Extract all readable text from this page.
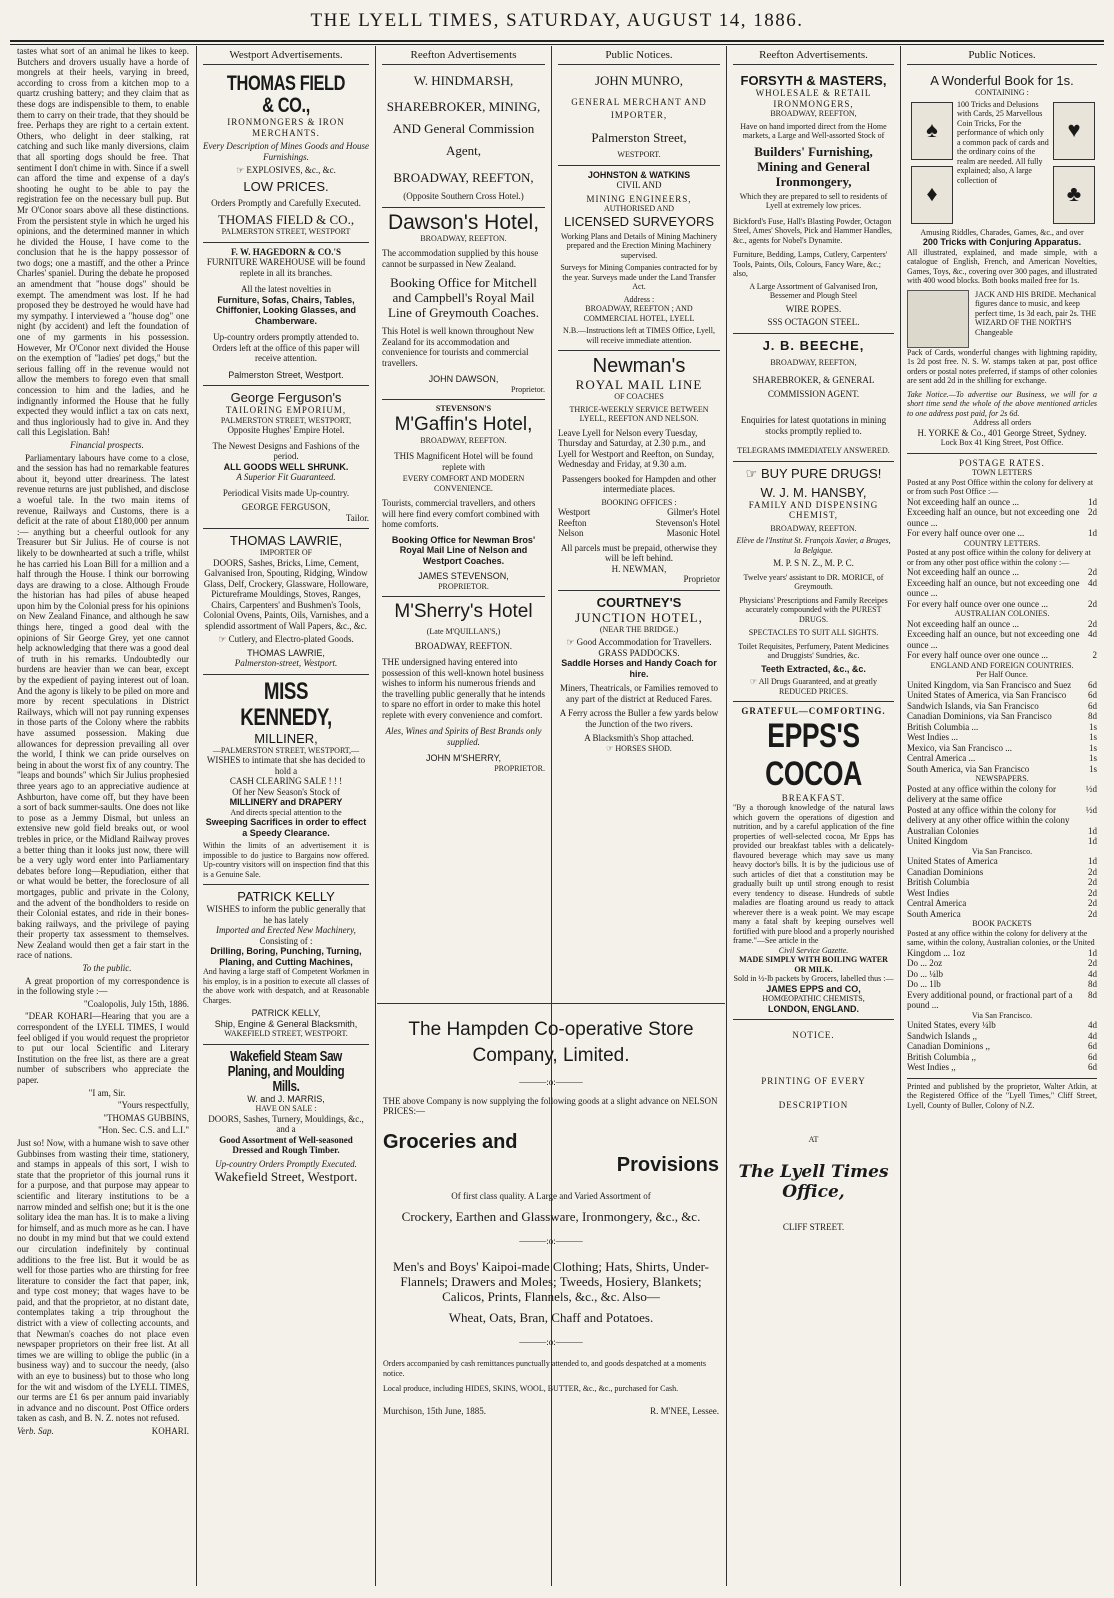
THE LYELL TIMES, SATURDAY, AUGUST 14, 1886.

tastes what sort of an animal he likes to keep. Butchers and drovers usually have a horde of mongrels at their heels, varying in breed, according to cross from a kitchen mop to a quartz crushing battery; and they claim that as these dogs are indispensible to them, to enable them to carry on their trade, that they should be free. Perhaps they are right to a certain extent. Others, who delight in deer stalking, rat catching and such like manly diversions, claim that all sporting dogs should be free. That sentiment I don't chime in with. Since if a swell can afford the time and expense of a day's shooting he ought to be able to pay the registration fee on the necessary bull pup. But Mr O'Conor soars above all these distinctions. From the persistent style in which he urged his opinions, and the determined manner in which he divided the House, I have come to the conclusion that he is the happy possessor of two dogs; one a mastiff, and the other a Prince Charles' spaniel. During the debate he proposed an amendment that "house dogs" should be exempt. The amendment was lost. If he had proposed they be destroyed he would have had my sympathy. I interviewed a "house dog" one night (by accident) and left the foundation of one of my garments in his possession. However, Mr O'Conor next divided the House on the exemption of "ladies' pet dogs," but the serious falling off in the revenue would not allow the members to forego even that small concession to him and the ladies, and he indignantly informed the House that he fully expected they would inflict a tax on cats next, and thus ingloriously had to give in. And they call this Legislation. Bah!

Financial prospects.

Parliamentary labours have come to a close, and the session has had no remarkable features about it, beyond utter dreariness. The latest revenue returns are just published, and disclose a woeful tale. In the two main items of revenue, Railways and Customs, there is a deficit at the rate of about £180,000 per annum :— anything but a cheerful outlook for any Treasurer but Sir Julius. He of course is not likely to be downhearted at such a trifle, whilst he has carried his Loan Bill for a million and a half through the House. I think our borrowing days are drawing to a close. Although Froude the historian has had piles of abuse heaped upon him by the Colonial press for his opinions on New Zealand Finance, and although he saw things here, tinged a good deal with the opinions of Sir George Grey, yet one cannot help acknowledging that there was a good deal of truth in his remarks. Undoubtedly our burdens are heavier than we can bear, except by the expedient of paying interest out of loan. And the agony is likely to be piled on more and more by recent speculations in District Railways, which will not pay running expenses in those parts of the Colony where the rabbits have assumed possession. Making due allowances for depression prevailing all over the world, I think we can pride ourselves on being in about the worst fix of any country. The "leaps and bounds" which Sir Julius prophesied three years ago to an appreciative audience at Ashburton, have come off, but they have been a sort of back summer-saults. One does not like to pose as a Jemmy Dismal, but unless an extensive new gold field breaks out, or wool trebles in price, or the Midland Railway proves a better thing than it looks just now, there will be a very ugly word enter into Parliamentary debates before long—Repudiation, either that or what would be better, the foreclosure of all mortgages, public and private in the Colony, and the advent of the bondholders to reside on their Colonial estates, and ride in their bones-baking railways, and the privilege of paying their property tax assessment to themselves. New Zealand would then get a fair start in the race of nations.

To the public.

A great proportion of my correspondence is in the following style :—

"Coalopolis, July 15th, 1886.

"DEAR KOHARI—Hearing that you are a correspondent of the LYELL TIMES, I would feel obliged if you would request the proprietor to put our local Scientific and Literary Institution on the free list, as there are a great number of subscribers who appreciate the paper.

"I am, Sir.

"Yours respectfully,

"THOMAS GUBBINS,

"Hon. Sec. C.S. and L.I."

Just so! Now, with a humane wish to save other Gubbinses from wasting their time, stationery, and stamps in appeals of this sort, I wish to state that the proprietor of this journal runs it for a purpose, and that purpose may appear to scientific and literary institutions to be a narrow minded and selfish one; but it is the one solitary idea the man has. It is to make a living for himself, and as much more as he can. I have no doubt in my mind but that we could extend our circulation indefinitely by continual additions to the free list. But it would be as well for those parties who are thirsting for free literature to consider the fact that paper, ink, and type cost money; that wages have to be paid, and that the proprietor, at no distant date, contemplates taking a trip throughout the district with a view of collecting accounts, and that Newman's coaches do not place even newspaper proprietors on their free list. At all times we are willing to oblige the public (in a business way) and to succour the needy, (also with an eye to business) but to those who long for the wit and wisdom of the LYELL TIMES, our terms are £1 6s per annum paid invariably in advance and no discount. Post Office orders taken as cash, and B. N. Z. notes not refused.

Verb. Sap.	KOHARI.
Westport Advertisements.
THOMAS FIELD & CO.,
IRONMONGERS & IRON MERCHANTS.
Every Description of Mines Goods and House Furnishings.
☞ EXPLOSIVES, &c., &c.
LOW PRICES.
Orders Promptly and Carefully Executed.
THOMAS FIELD & CO.,
PALMERSTON STREET, WESTPORT
F. W. HAGEDORN & CO.'S
FURNITURE WAREHOUSE will be found replete in all its branches.
All the latest novelties in
Furniture, Sofas, Chairs, Tables, Chiffonier, Looking Glasses, and Chamberware.
Up-country orders promptly attended to. Orders left at the office of this paper will receive attention.
Palmerston Street, Westport.
George Ferguson's
TAILORING EMPORIUM,
PALMERSTON STREET, WESTPORT,
Opposite Hughes' Empire Hotel.
The Newest Designs and Fashions of the period.
ALL GOODS WELL SHRUNK.
A Superior Fit Guaranteed.
Periodical Visits made Up-country.
GEORGE FERGUSON,
Tailor.
THOMAS LAWRIE,
IMPORTER OF
DOORS, Sashes, Bricks, Lime, Cement, Galvanised Iron, Spouting, Ridging, Window Glass, Delf, Crockery, Glassware, Holloware, Pictureframe Mouldings, Stoves, Ranges, Chairs, Carpenters' and Bushmen's Tools, Colonial Ovens, Paints, Oils, Varnishes, and a splendid assortment of Wall Papers, &c., &c.
☞ Cutlery, and Electro-plated Goods.
THOMAS LAWRIE,
Palmerston-street, Westport.
MISS KENNEDY,
MILLINER,
—PALMERSTON STREET, WESTPORT,—
WISHES to intimate that she has decided to hold a
CASH CLEARING SALE ! ! !
Of her New Season's Stock of
MILLINERY and DRAPERY
And directs special attention to the
Sweeping Sacrifices in order to effect a Speedy Clearance.
Within the limits of an advertisement it is impossible to do justice to Bargains now offered. Up-country visitors will on inspection find that this is a Genuine Sale.
PATRICK KELLY
WISHES to inform the public generally that he has lately
Imported and Erected New Machinery,
Consisting of :
Drilling, Boring, Punching, Turning, Planing, and Cutting Machines,
And having a large staff of Competent Workmen in his employ, is in a position to execute all classes of the above work with despatch, and at Reasonable Charges.
PATRICK KELLY,
Ship, Engine & General Blacksmith,
WAKEFIELD STREET, WESTPORT.
Wakefield Steam Saw Planing, and Moulding Mills.
W. and J. MARRIS,
HAVE ON SALE :
DOORS, Sashes, Turnery, Mouldings, &c., and a
Good Assortment of Well-seasoned Dressed and Rough Timber.
Up-country Orders Promptly Executed.
Wakefield Street, Westport.
Reefton Advertisements
W. HINDMARSH,
SHAREBROKER, MINING, AND General Commission Agent,
BROADWAY, REEFTON,
(Opposite Southern Cross Hotel.)
Dawson's Hotel,
BROADWAY, REEFTON.
The accommodation supplied by this house cannot be surpassed in New Zealand.
Booking Office for Mitchell and Campbell's Royal Mail Line of Greymouth Coaches.
This Hotel is well known throughout New Zealand for its accommodation and convenience for tourists and commercial travellers.
JOHN DAWSON,
Proprietor.
STEVENSON'S
M'Gaffin's Hotel,
BROADWAY, REEFTON.
THIS Magnificent Hotel will be found replete with
EVERY COMFORT AND MODERN CONVENIENCE.
Tourists, commercial travellers, and others will here find every comfort combined with home comforts.
Booking Office for Newman Bros' Royal Mail Line of Nelson and Westport Coaches.
JAMES STEVENSON,
PROPRIETOR.
M'Sherry's Hotel
(Late M'QUILLAN'S,)
BROADWAY, REEFTON.
THE undersigned having entered into possession of this well-known hotel business wishes to inform his numerous friends and the travelling public generally that he intends to spare no effort in order to make this hotel replete with every convenience and comfort.
Ales, Wines and Spirits of Best Brands only supplied.
JOHN M'SHERRY,
PROPRIETOR.
Public Notices.
JOHN MUNRO,
GENERAL MERCHANT AND IMPORTER,
Palmerston Street,
WESTPORT.
JOHNSTON & WATKINS
CIVIL AND
MINING ENGINEERS,
AUTHORISED AND
LICENSED SURVEYORS
Working Plans and Details of Mining Machinery prepared and the Erection Mining Machinery supervised.
Surveys for Mining Companies contracted for by the year. Surveys made under the Land Transfer Act.
Address :
BROADWAY, REEFTON ; AND COMMERCIAL HOTEL, LYELL
N.B.—Instructions left at TIMES Office, Lyell, will receive immediate attention.
Newman's
ROYAL MAIL LINE
OF COACHES
THRICE-WEEKLY SERVICE BETWEEN LYELL, REEFTON AND NELSON.
Leave Lyell for Nelson every Tuesday, Thursday and Saturday, at 2.30 p.m., and Lyell for Westport and Reefton, on Sunday, Wednesday and Friday, at 9.30 a.m.
Passengers booked for Hampden and other intermediate places.
BOOKING OFFICES :
Westport	Gilmer's Hotel
Reefton	Stevenson's Hotel
Nelson	Masonic Hotel
All parcels must be prepaid, otherwise they will be left behind.
H. NEWMAN,
Proprietor
COURTNEY'S
JUNCTION HOTEL,
(NEAR THE BRIDGE.)
☞ Good Accommodation for Travellers.
GRASS PADDOCKS.
Saddle Horses and Handy Coach for hire.
Miners, Theatricals, or Families removed to any part of the district at Reduced Fares.
A Ferry across the Buller a few yards below the Junction of the two rivers.
A Blacksmith's Shop attached.
☞ HORSES SHOD.
The Hampden Co-operative Store Company, Limited.
———:o:———
THE above Company is now supplying the following goods at a slight advance on NELSON PRICES:—
Groceries and
Provisions
Of first class quality. A Large and Varied Assortment of
Crockery, Earthen and Glassware, Ironmongery, &c., &c.
———:o:———
Men's and Boys' Kaipoi-made Clothing; Hats, Shirts, Under-Flannels; Drawers and Moles; Tweeds, Hosiery, Blankets; Calicos, Prints, Flannels, &c., &c. Also—
Wheat, Oats, Bran, Chaff and Potatoes.
———:o:———
Orders accompanied by cash remittances punctually attended to, and goods despatched at a moments notice.
Local produce, including HIDES, SKINS, WOOL, BUTTER, &c., &c., purchased for Cash.
Murchison, 15th June, 1885.	R. M'NEE, Lessee.
Reefton Advertisements.
FORSYTH & MASTERS,
WHOLESALE & RETAIL IRONMONGERS,
BROADWAY, REEFTON,
Have on hand imported direct from the Home markets, a Large and Well-assorted Stock of
Builders' Furnishing, Mining and General Ironmongery,
Which they are prepared to sell to residents of Lyell at extremely low prices.
Bickford's Fuse, Hall's Blasting Powder, Octagon Steel, Ames' Shovels, Pick and Hammer Handles, &c., agents for Nobel's Dynamite.
Furniture, Bedding, Lamps, Cutlery, Carpenters' Tools, Paints, Oils, Colours, Fancy Ware, &c.; also,
A Large Assortment of Galvanised Iron, Bessemer and Plough Steel
WIRE ROPES.
SSS OCTAGON STEEL.
J. B. BEECHE,
BROADWAY, REEFTON,
SHAREBROKER, & GENERAL COMMISSION AGENT.
Enquiries for latest quotations in mining stocks promptly replied to.
TELEGRAMS IMMEDIATELY ANSWERED.
☞ BUY PURE DRUGS!
W. J. M. HANSBY,
FAMILY AND DISPENSING CHEMIST,
BROADWAY, REEFTON.
Elève de l'Institut St. François Xavier, a Bruges, la Belgique.
M. P. S N. Z., M. P. C.
Twelve years' assistant to DR. MORICE, of Greymouth.
Physicians' Prescriptions and Family Receipes accurately compounded with the PUREST DRUGS.
SPECTACLES TO SUIT ALL SIGHTS.
Toilet Requisites, Perfumery, Patent Medicines and Druggists' Sundries, &c.
Teeth Extracted, &c., &c.
☞ All Drugs Guaranteed, and at greatly REDUCED PRICES.
GRATEFUL—COMFORTING.
EPPS'S COCOA
BREAKFAST.
"By a thorough knowledge of the natural laws which govern the operations of digestion and nutrition, and by a careful application of the fine properties of well-selected cocoa, Mr Epps has provided our breakfast tables with a delicately-flavoured beverage which may save us many heavy doctor's bills. It is by the judicious use of such articles of diet that a constitution may be gradually built up until strong enough to resist every tendency to disease. Hundreds of subtle maladies are floating around us ready to attack wherever there is a weak point. We may escape many a fatal shaft by keeping ourselves well fortified with pure blood and a properly nourished frame."—See article in the
Civil Service Gazette.
MADE SIMPLY WITH BOILING WATER OR MILK.
Sold in ½-lb packets by Grocers, labelled thus :—
JAMES EPPS and CO,
HOMŒOPATHIC CHEMISTS,
LONDON, ENGLAND.
NOTICE.
PRINTING OF EVERY DESCRIPTION
AT
The Lyell Times Office,
CLIFF STREET.
Public Notices.
A Wonderful Book for 1s.
CONTAINING :
♠
♦
♥
♣
100 Tricks and Delusions with Cards, 25 Marvellous Coin Tricks, For the performance of which only a common pack of cards and the ordinary coins of the realm are needed. All fully explained; also, A large collection of
Amusing Riddles, Charades, Games, &c., and over
200 Tricks with Conjuring Apparatus.
All illustrated, explained, and made simple, with a catalogue of English, French, and American Novelties, Games, Toys, &c., covering over 300 pages, and illustrated with 400 wood blocks. Both books mailed free for 1s.
JACK AND HIS BRIDE. Mechanical figures dance to music, and keep perfect time, 1s 3d each, pair 2s. THE WIZARD OF THE NORTH'S Changeable
Pack of Cards, wonderful changes with lightning rapidity, 1s 2d post free. N. S. W. stamps taken at par, post office orders or postal notes preferred, if stamps of other colonies are sent add 2d in the shilling for exchange.
Take Notice.—To advertise our Business, we will for a short time send the whole of the above mentioned articles to one address post paid, for 2s 6d.
Address all orders
H. YORKE & Co., 401 George Street, Sydney.
Lock Box 41 King Street, Post Office.
POSTAGE RATES.
TOWN LETTERS
Posted at any Post Office within the colony for delivery at or from such Post Office :—
Not exceeding half an ounce ...	1d
Exceeding half an ounce, but not exceeding one ounce ...
2d
For every half ounce over one ...	1d
COUNTRY LETTERS.
Posted at any post office within the colony for delivery at or from any other post office within the colony :—
Not exceeding half an ounce ...	2d
Exceeding half an ounce, but not exceeding one ounce ...
4d
For every half ounce over one ounce ...	2d
AUSTRALIAN COLONIES.
Not exceeding half an ounce ...	2d
Exceeding half an ounce, but not exceeding one ounce ...
4d
For every half ounce over one ounce ...	2
ENGLAND AND FOREIGN COUNTRIES.
Per Half Ounce.
United Kingdom, via San Francisco and Suez 6d
United States of America, via San Francisco 6d
Sandwich Islands, via San Francisco	6d
Canadian Dominions, via San Francisco	8d
British Columbia ...	1s
West Indies ...	1s
Mexico, via San Francisco ...	1s
Central America ...	1s
South America, via San Francisco	1s
NEWSPAPERS.
Posted at any office within the colony for delivery at the same office
½d
Posted at any office within the colony for delivery at any other office within the colony
½d
Australian Colonies	1d
United Kingdom	1d
Via San Francisco.
United States of America	1d
Canadian Dominions	2d
British Columbia	2d
West Indies	2d
Central America	2d
South America	2d
BOOK PACKETS
Posted at any office within the colony for delivery at the same, within the colony, Australian colonies, or the United
Kingdom ... 1oz	1d
Do ... 2oz	2d
Do ... ¼lb	4d
Do ... 1lb	8d
Every additional pound, or fractional part of a pound ...
8d
Via San Francisco.
United States, every ¼lb	4d
Sandwich Islands ,,	4d
Canadian Dominions ,,	6d
British Columbia ,,	6d
West Indies ,,	6d
Printed and published by the proprietor, Walter Atkin, at the Registered Office of the "Lyell Times," Cliff Street, Lyell, County of Buller, Colony of N.Z.
